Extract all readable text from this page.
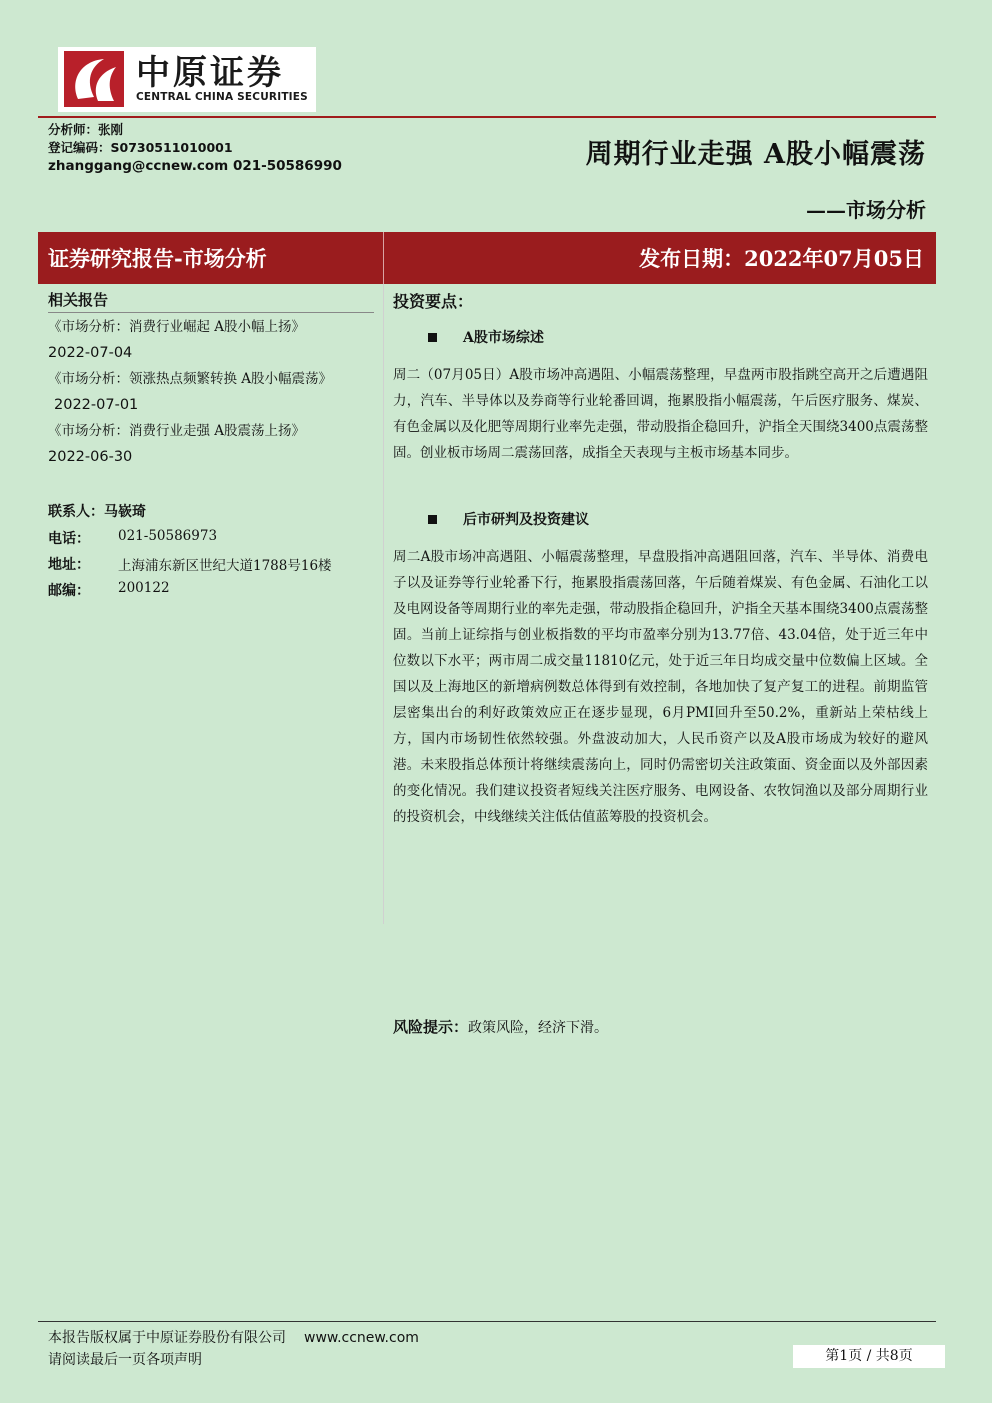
中原证券
CENTRAL CHINA SECURITIES
分析师：张刚
登记编码：S0730511010001
zhanggang@ccnew.com 021-50586990	周期行业走强 A股小幅震荡
——市场分析
证券研究报告-市场分析	发布日期：2022年07月05日
相关报告
《市场分析：消费行业崛起 A股小幅上扬》
2022-07-04
《市场分析：领涨热点频繁转换 A股小幅震荡》 2022-07-01
《市场分析：消费行业走强 A股震荡上扬》
2022-06-30
联系人：马嵚琦
电话： 021-50586973
地址： 上海浦东新区世纪大道1788号16楼
邮编： 200122
投资要点：
A股市场综述
周二（07月05日）A股市场冲高遇阻、小幅震荡整理，早盘两市股指跳空高开之后遭遇阻力，汽车、半导体以及券商等行业轮番回调，拖累股指小幅震荡，午后医疗服务、煤炭、有色金属以及化肥等周期行业率先走强，带动股指企稳回升，沪指全天围绕3400点震荡整固。创业板市场周二震荡回落，成指全天表现与主板市场基本同步。
后市研判及投资建议
周二A股市场冲高遇阻、小幅震荡整理，早盘股指冲高遇阻回落，汽车、半导体、消费电子以及证券等行业轮番下行，拖累股指震荡回落，午后随着煤炭、有色金属、石油化工以及电网设备等周期行业的率先走强，带动股指企稳回升，沪指全天基本围绕3400点震荡整固。当前上证综指与创业板指数的平均市盈率分别为13.77倍、43.04倍，处于近三年中位数以下水平；两市周二成交量11810亿元，处于近三年日均成交量中位数偏上区域。全国以及上海地区的新增病例数总体得到有效控制，各地加快了复产复工的进程。前期监管层密集出台的利好政策效应正在逐步显现，6月PMI回升至50.2%，重新站上荣枯线上方，国内市场韧性依然较强。外盘波动加大，人民币资产以及A股市场成为较好的避风港。未来股指总体预计将继续震荡向上，同时仍需密切关注政策面、资金面以及外部因素的变化情况。我们建议投资者短线关注医疗服务、电网设备、农牧饲渔以及部分周期行业的投资机会，中线继续关注低估值蓝筹股的投资机会。
风险提示：政策风险，经济下滑。
本报告版权属于中原证券股份有限公司 www.ccnew.com
请阅读最后一页各项声明	第1页 / 共8页
